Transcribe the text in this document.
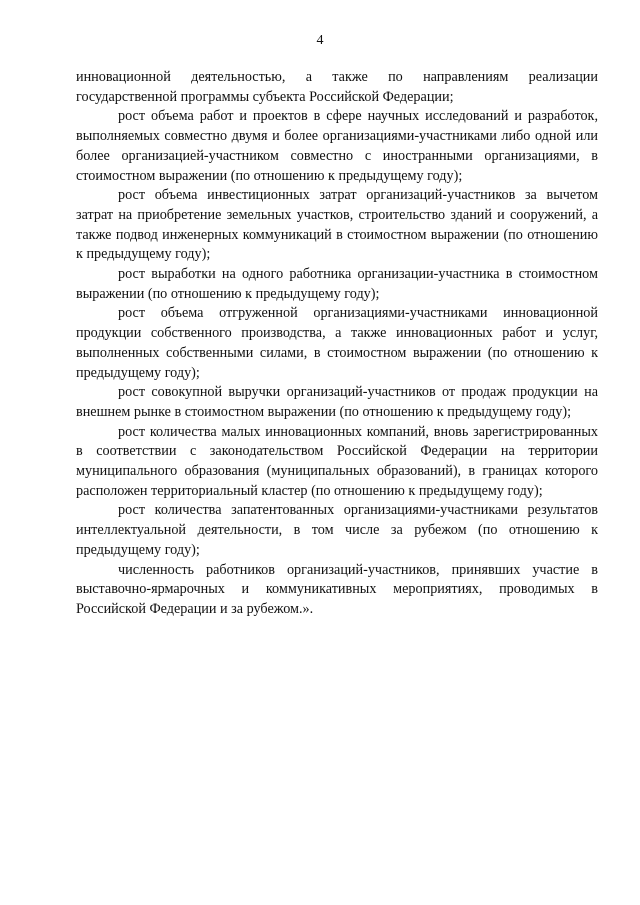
4

инновационной деятельностью, а также по направлениям реализации государственной программы субъекта Российской Федерации;

рост объема работ и проектов в сфере научных исследований и разработок, выполняемых совместно двумя и более организациями-участниками либо одной или более организацией-участником совместно с иностранными организациями, в стоимостном выражении (по отношению к предыдущему году);

рост объема инвестиционных затрат организаций-участников за вычетом затрат на приобретение земельных участков, строительство зданий и сооружений, а также подвод инженерных коммуникаций в стоимостном выражении (по отношению к предыдущему году);

рост выработки на одного работника организации-участника в стоимостном выражении (по отношению к предыдущему году);

рост объема отгруженной организациями-участниками инновационной продукции собственного производства, а также инновационных работ и услуг, выполненных собственными силами, в стоимостном выражении (по отношению к предыдущему году);

рост совокупной выручки организаций-участников от продаж продукции на внешнем рынке в стоимостном выражении (по отношению к предыдущему году);

рост количества малых инновационных компаний, вновь зарегистрированных в соответствии с законодательством Российской Федерации на территории муниципального образования (муниципальных образований), в границах которого расположен территориальный кластер (по отношению к предыдущему году);

рост количества запатентованных организациями-участниками результатов интеллектуальной деятельности, в том числе за рубежом (по отношению к предыдущему году);

численность работников организаций-участников, принявших участие в выставочно-ярмарочных и коммуникативных мероприятиях, проводимых в Российской Федерации и за рубежом.».
